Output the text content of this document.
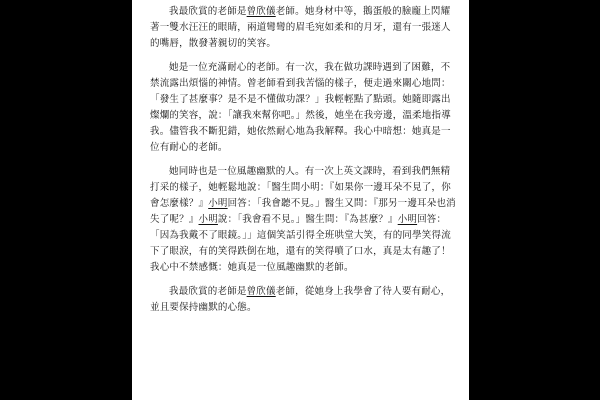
我最欣賞的老師是曾欣儀老師。她身材中等，鵝蛋般的臉龐上閃耀著一雙水汪汪的眼睛，兩道彎彎的眉毛宛如柔和的月牙，還有一張迷人的嘴唇，散發著親切的笑容。

她是一位充滿耐心的老師。有一次，我在做功課時遇到了困難，不禁流露出煩惱的神情。曾老師看到我苦惱的樣子，便走過來關心地問：「發生了甚麼事？是不是不懂做功課？」我輕輕點了點頭。她隨即露出燦爛的笑容，說：「讓我來幫你吧。」然後，她坐在我旁邊，溫柔地指導我。儘管我不斷犯錯，她依然耐心地為我解釋。我心中暗想：她真是一位有耐心的老師。

她同時也是一位風趣幽默的人。有一次上英文課時，看到我們無精打采的樣子，她輕鬆地說：「醫生問小明：『如果你一邊耳朵不見了，你會怎麼樣？』小明回答：「我會聽不見。」醫生又問：『那另一邊耳朵也消失了呢？』小明說：「我會看不見。」醫生問：『為甚麼？』小明回答：「因為我戴不了眼鏡。」」這個笑話引得全班哄堂大笑，有的同學笑得流下了眼淚，有的笑得跌倒在地，還有的笑得噴了口水，真是太有趣了！我心中不禁感慨：她真是一位風趣幽默的老師。

我最欣賞的老師是曾欣儀老師，從她身上我學會了待人要有耐心，並且要保持幽默的心態。
